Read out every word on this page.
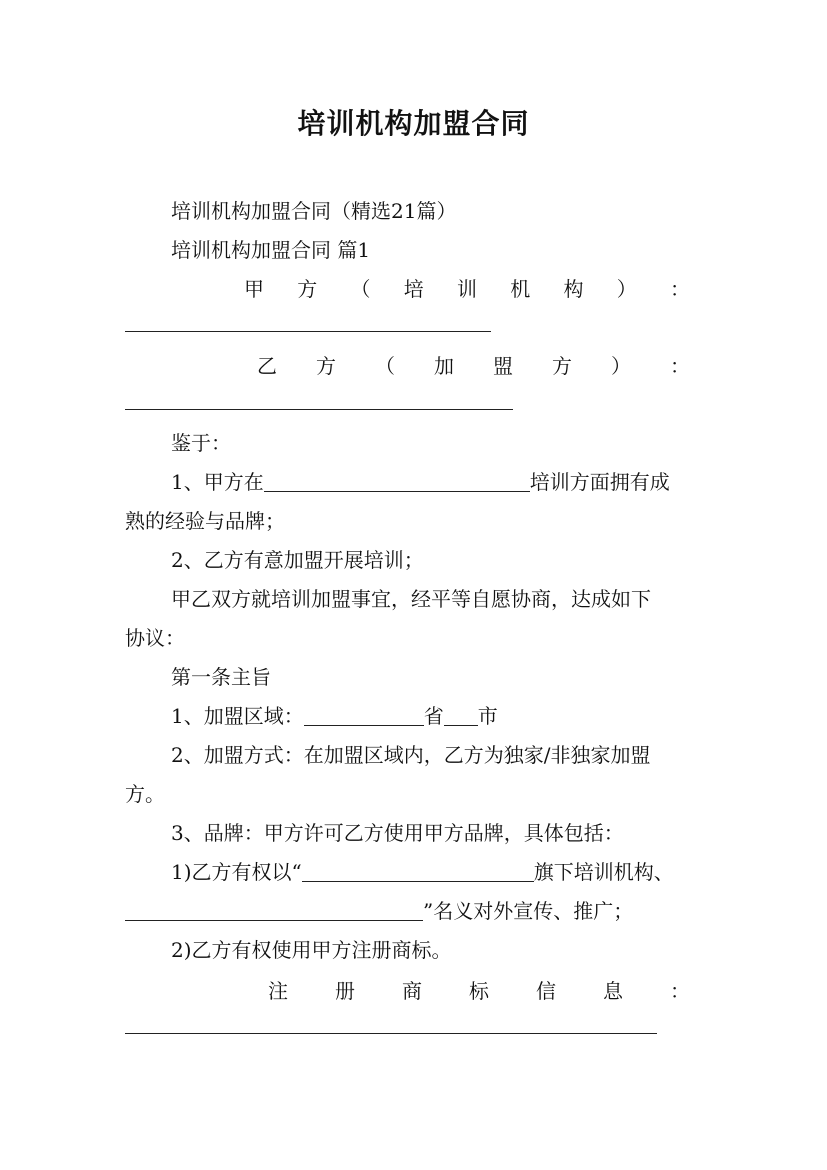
培训机构加盟合同
培训机构加盟合同（精选21篇）
培训机构加盟合同 篇1
甲 方 （ 培 训 机 构 ） ：
乙 方 （ 加 盟 方 ） ：
鉴于：
1、甲方在	培训方面拥有成
熟的经验与品牌；
2、乙方有意加盟开展培训；
甲乙双方就培训加盟事宜，经平等自愿协商，达成如下
协议：
第一条主旨
1、加盟区域：	省 市
2、加盟方式：在加盟区域内，乙方为独家/非独家加盟
方。
3、品牌：甲方许可乙方使用甲方品牌，具体包括：
1)乙方有权以“	旗下培训机构、
”名义对外宣传、推广；
2)乙方有权使用甲方注册商标。
注 册 商 标 信 息 ：
